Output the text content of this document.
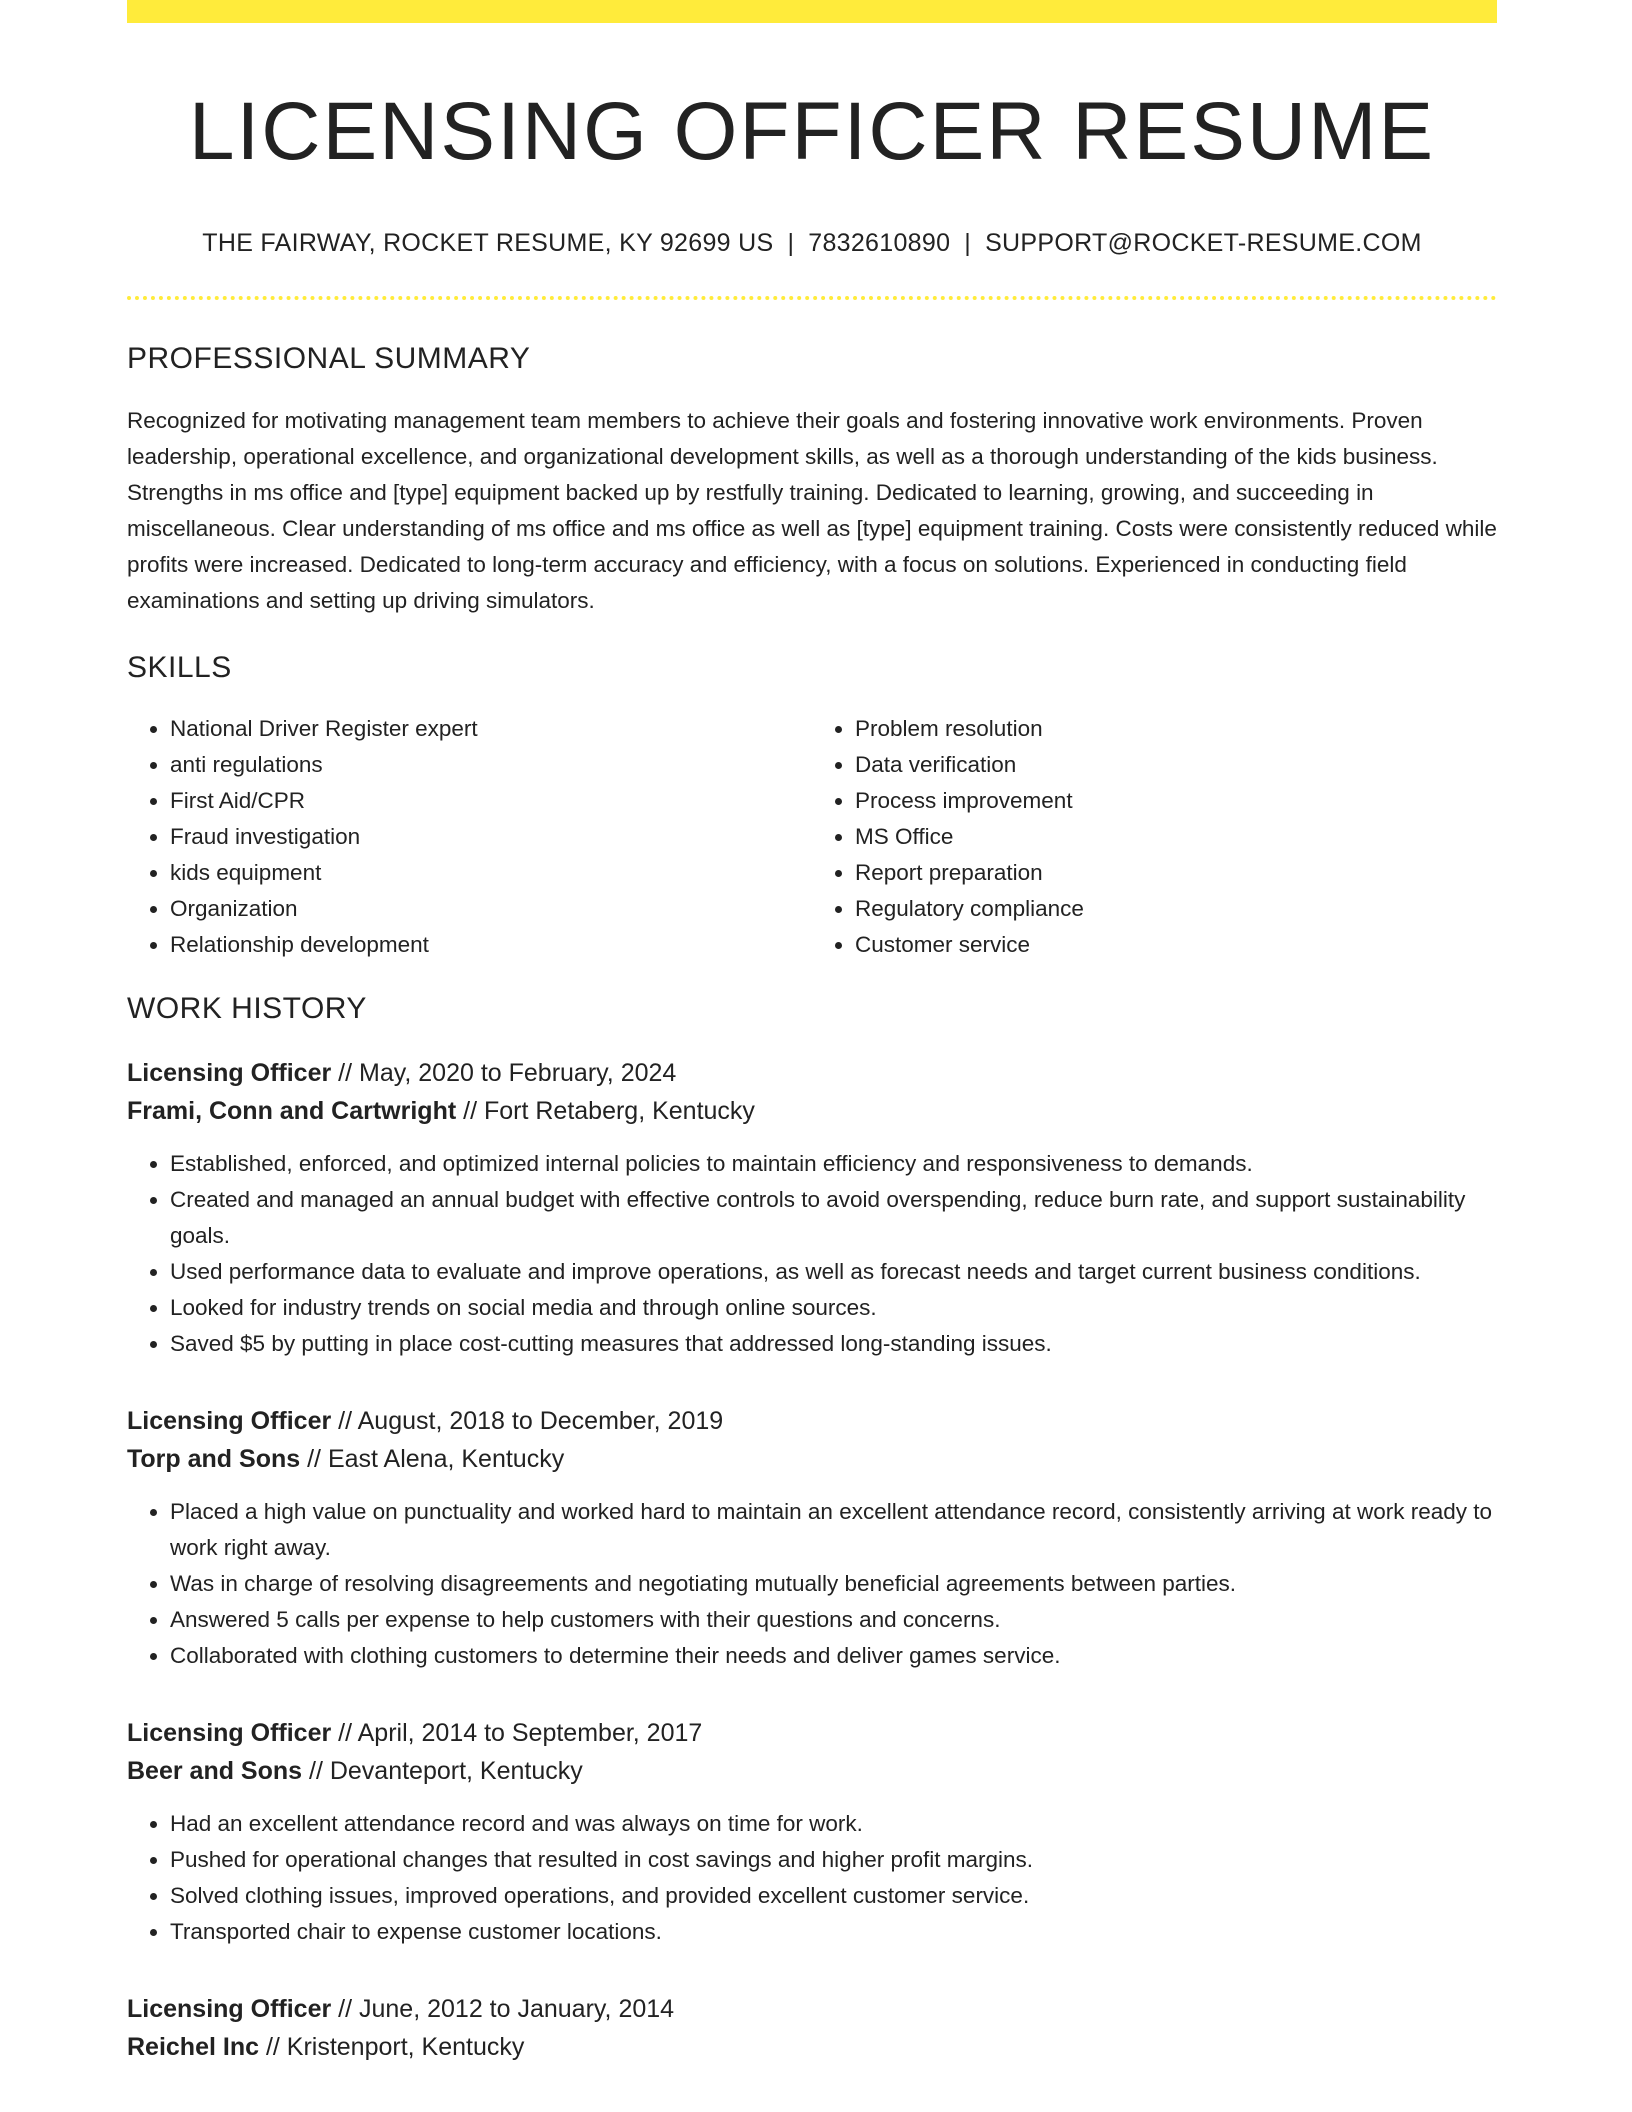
LICENSING OFFICER RESUME
THE FAIRWAY, ROCKET RESUME, KY 92699 US | 7832610890 | SUPPORT@ROCKET-RESUME.COM
PROFESSIONAL SUMMARY

Recognized for motivating management team members to achieve their goals and fostering innovative work environments. Proven leadership, operational excellence, and organizational development skills, as well as a thorough understanding of the kids business. Strengths in ms office and [type] equipment backed up by restfully training. Dedicated to learning, growing, and succeeding in miscellaneous. Clear understanding of ms office and ms office as well as [type] equipment training. Costs were consistently reduced while profits were increased. Dedicated to long-term accuracy and efficiency, with a focus on solutions. Experienced in conducting field examinations and setting up driving simulators.

SKILLS
• National Driver Register expert
• anti regulations
• First Aid/CPR
• Fraud investigation
• kids equipment
• Organization
• Relationship development
• Problem resolution
• Data verification
• Process improvement
• MS Office
• Report preparation
• Regulatory compliance
• Customer service
WORK HISTORY
Licensing Officer // May, 2020 to February, 2024
Frami, Conn and Cartwright // Fort Retaberg, Kentucky
• Established, enforced, and optimized internal policies to maintain efficiency and responsiveness to demands.
• Created and managed an annual budget with effective controls to avoid overspending, reduce burn rate, and support sustainability goals.
• Used performance data to evaluate and improve operations, as well as forecast needs and target current business conditions.
• Looked for industry trends on social media and through online sources.
• Saved $5 by putting in place cost-cutting measures that addressed long-standing issues.
Licensing Officer // August, 2018 to December, 2019
Torp and Sons // East Alena, Kentucky
• Placed a high value on punctuality and worked hard to maintain an excellent attendance record, consistently arriving at work ready to work right away.
• Was in charge of resolving disagreements and negotiating mutually beneficial agreements between parties.
• Answered 5 calls per expense to help customers with their questions and concerns.
• Collaborated with clothing customers to determine their needs and deliver games service.
Licensing Officer // April, 2014 to September, 2017
Beer and Sons // Devanteport, Kentucky
• Had an excellent attendance record and was always on time for work.
• Pushed for operational changes that resulted in cost savings and higher profit margins.
• Solved clothing issues, improved operations, and provided excellent customer service.
• Transported chair to expense customer locations.
Licensing Officer // June, 2012 to January, 2014
Reichel Inc // Kristenport, Kentucky
